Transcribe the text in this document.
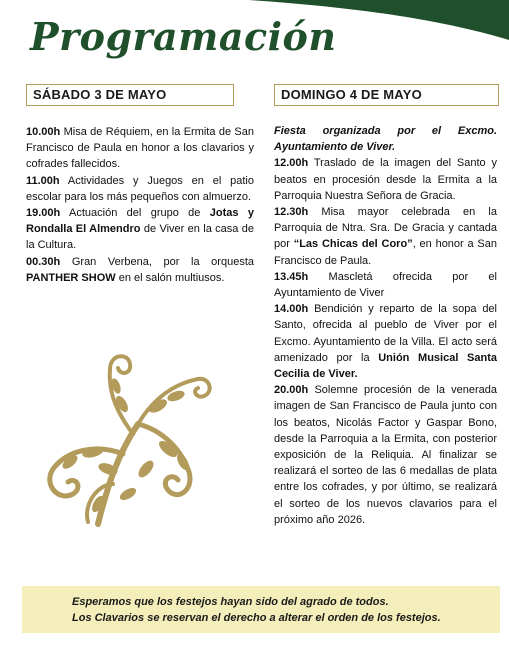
Programación
SÁBADO 3 DE MAYO

10.00h Misa de Réquiem, en la Ermita de San Francisco de Paula en honor a los clavarios y cofrades fallecidos.

11.00h Actividades y Juegos en el patio escolar para los más pequeños con almuerzo.

19.00h Actuación del grupo de Jotas y Rondalla El Almendro de Viver en la casa de la Cultura.

00.30h Gran Verbena, por la orquesta PANTHER SHOW en el salón multiusos.

DOMINGO 4 DE MAYO

Fiesta organizada por el Excmo. Ayuntamiento de Viver.

12.00h Traslado de la imagen del Santo y beatos en procesión desde la Ermita a la Parroquia Nuestra Señora de Gracia.

12.30h Misa mayor celebrada en la Parroquia de Ntra. Sra. De Gracia y cantada por “Las Chicas del Coro”, en honor a San Francisco de Paula.

13.45h Mascletá ofrecida por el Ayuntamiento de Viver

14.00h Bendición y reparto de la sopa del Santo, ofrecida al pueblo de Viver por el Excmo. Ayuntamiento de la Villa. El acto será amenizado por la Unión Musical Santa Cecilia de Viver.

20.00h Solemne procesión de la venerada imagen de San Francisco de Paula junto con los beatos, Nicolás Factor y Gaspar Bono, desde la Parroquia a la Ermita, con posterior exposición de la Reliquia. Al finalizar se realizará el sorteo de las 6 medallas de plata entre los cofrades, y por último, se realizará el sorteo de los nuevos clavarios para el próximo año 2026.

Esperamos que los festejos hayan sido del agrado de todos.

Los Clavarios se reservan el derecho a alterar el orden de los festejos.
